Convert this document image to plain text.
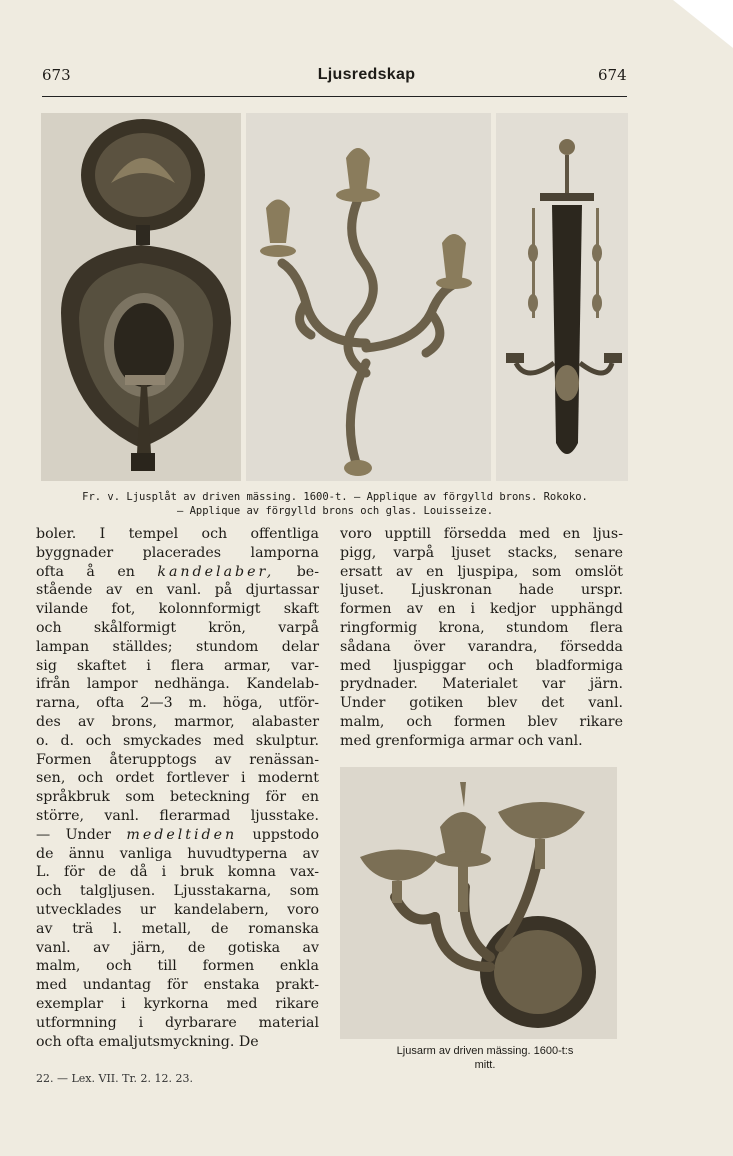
673	Ljusredskap	674
Fr. v. Ljusplåt av driven mässing. 1600-t. — Applique av förgylld brons. Rokoko.
— Applique av förgylld brons och glas. Louisseize.
boler. I tempel och offentliga
byggnader placerades lamporna
ofta å en kandelaber, be-
stående av en vanl. på djurtassar
vilande fot, kolonnformigt skaft
och skålformigt krön, varpå
lampan ställdes; stundom delar
sig skaftet i flera armar, var-
ifrån lampor nedhänga. Kandelab-
rarna, ofta 2—3 m. höga, utför-
des av brons, marmor, alabaster
o. d. och smyckades med skulptur.
Formen återupptogs av renässan-
sen, och ordet fortlever i modernt
språkbruk som beteckning för en
större, vanl. flerarmad ljusstake.
— Under medeltiden uppstodo
de ännu vanliga huvudtyperna av
L. för de då i bruk komna vax-
och talgljusen. Ljusstakarna, som
utvecklades ur kandelabern, voro
av trä l. metall, de romanska
vanl. av järn, de gotiska av
malm, och till formen enkla
med undantag för enstaka prakt-
exemplar i kyrkorna med rikare
utformning i dyrbarare material
och ofta emaljutsmyckning. De
voro upptill försedda med en ljus-
pigg, varpå ljuset stacks, senare
ersatt av en ljuspipa, som omslöt
ljuset. Ljuskronan hade urspr.
formen av en i kedjor upphängd
ringformig krona, stundom flera
sådana över varandra, försedda
med ljuspiggar och bladformiga
prydnader. Materialet var järn.
Under gotiken blev det vanl.
malm, och formen blev rikare
med grenformiga armar och vanl.
Ljusarm av driven mässing. 1600-t:s
mitt.
22. — Lex. VII. Tr. 2. 12. 23.
